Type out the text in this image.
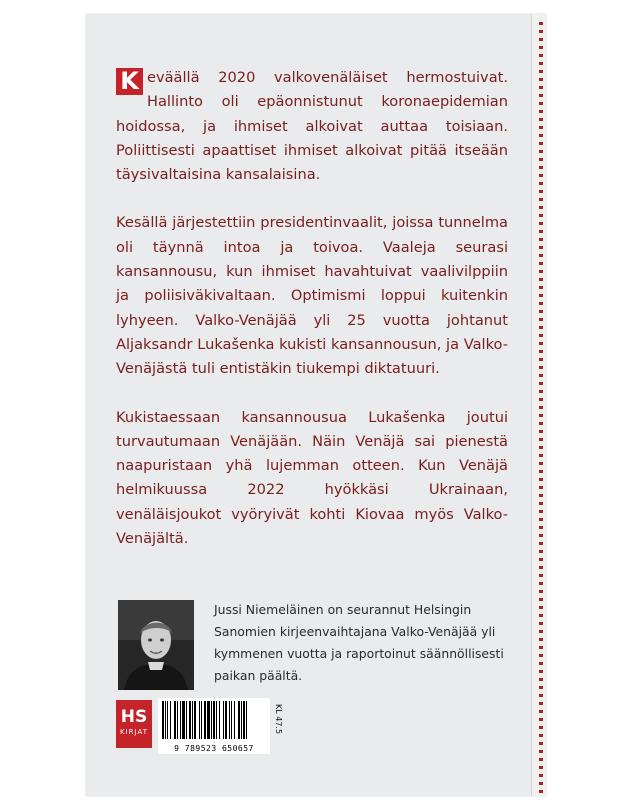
K eväällä 2020 valkovenäläiset hermostuivat. Hallinto oli epäonnistunut koronaepidemian hoidossa, ja ihmiset alkoivat auttaa toisiaan. Poliittisesti apaattiset ihmiset alkoivat pitää itseään täysivaltaisina kansalaisina.

Kesällä järjestettiin presidentinvaalit, joissa tunnelma oli täynnä intoa ja toivoa. Vaaleja seurasi kansannousu, kun ihmiset havahtuivat vaalivilppiin ja poliisiväkivaltaan. Optimismi loppui kuitenkin lyhyeen. Valko-Venäjää yli 25 vuotta johtanut Aljaksandr Lukašenka kukisti kansannousun, ja Valko-Venäjästä tuli entistäkin tiukempi diktatuuri.

Kukistaessaan kansannousua Lukašenka joutui turvautumaan Venäjään. Näin Venäjä sai pienestä naapuristaan yhä lujemman otteen. Kun Venäjä helmikuussa 2022 hyökkäsi Ukrainaan, venäläisjoukot vyöryivät kohti Kiovaa myös Valko-Venäjältä.

Jussi Niemeläinen on seurannut Helsingin Sanomien kirjeenvaihtajana Valko-Venäjää yli kymmenen vuotta ja raportoinut säännöllisesti paikan päältä.
HS
KIRJAT
9 789523 650657
KL 47.5
